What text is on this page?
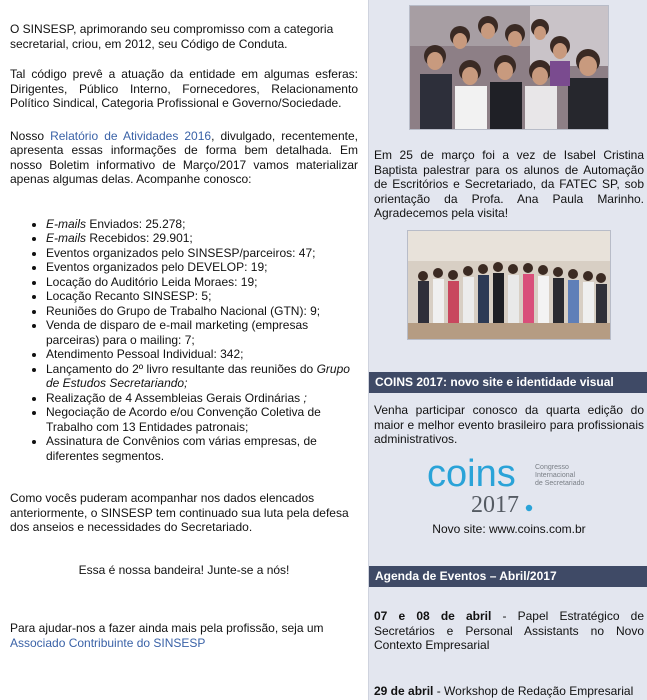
O SINSESP, aprimorando seu compromisso com a categoria secretarial, criou, em 2012, seu Código de Conduta.

Tal código prevê a atuação da entidade em algumas esferas: Dirigentes, Público Interno, Fornecedores, Relacionamento Político Sindical, Categoria Profissional e Governo/Sociedade.

Nosso Relatório de Atividades 2016, divulgado, recentemente, apresenta essas informações de forma bem detalhada. Em nosso Boletim informativo de Março/2017 vamos materializar apenas algumas delas. Acompanhe conosco:

• E-mails Enviados: 25.278;
• E-mails Recebidos: 29.901;
• Eventos organizados pelo SINSESP/parceiros: 47;
• Eventos organizados pelo DEVELOP: 19;
• Locação do Auditório Leida Moraes: 19;
• Locação Recanto SINSESP: 5;
• Reuniões do Grupo de Trabalho Nacional (GTN): 9;
• Venda de disparo de e-mail marketing (empresas parceiras) para o mailing: 7;
• Atendimento Pessoal Individual: 342;
• Lançamento do 2º livro resultante das reuniões do Grupo de Estudos Secretariando;
• Realização de 4 Assembleias Gerais Ordinárias ;
• Negociação de Acordo e/ou Convenção Coletiva de Trabalho com 13 Entidades patronais;
• Assinatura de Convênios com várias empresas, de diferentes segmentos.

Como vocês puderam acompanhar nos dados elencados anteriormente, o SINSESP tem continuado sua luta pela defesa dos anseios e necessidades do Secretariado.

Essa é nossa bandeira! Junte-se a nós!

Para ajudar-nos a fazer ainda mais pela profissão, seja um
Associado Contribuinte do SINSESP

Em 25 de março foi a vez de Isabel Cristina Baptista palestrar para os alunos de Automação de Escritórios e Secretariado, da FATEC SP, sob orientação da Profa. Ana Paula Marinho. Agradecemos pela visita!

COINS 2017: novo site e identidade visual

Venha participar conosco da quarta edição do maior e melhor evento brasileiro para profissionais administrativos.

coins
2017
Congresso
Internacional
de Secretariado
Novo site: www.coins.com.br
Agenda de Eventos – Abril/2017

07 e 08 de abril - Papel Estratégico de Secretários e Personal Assistants no Novo Contexto Empresarial

29 de abril - Workshop de Redação Empresarial
